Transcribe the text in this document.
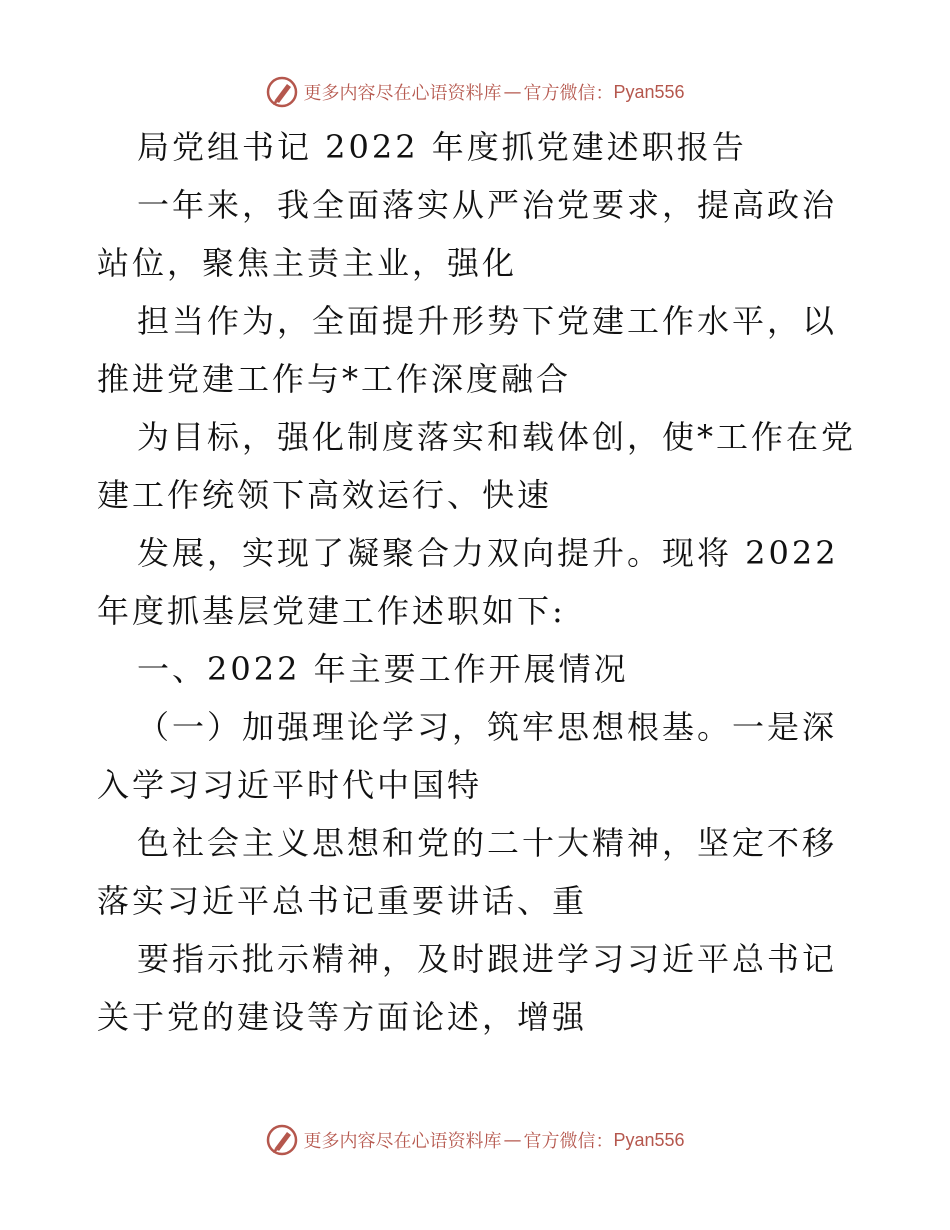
更多内容尽在心语资料库 — 官方微信： Pyan556

局党组书记 2022 年度抓党建述职报告

一年来，我全面落实从严治党要求，提高政治站位，聚焦主责主业，强化

担当作为，全面提升形势下党建工作水平，以推进党建工作与*工作深度融合

为目标，强化制度落实和载体创，使*工作在党建工作统领下高效运行、快速

发展，实现了凝聚合力双向提升。现将 2022 年度抓基层党建工作述职如下:

一、2022 年主要工作开展情况

（一）加强理论学习，筑牢思想根基。一是深入学习习近平时代中国特

色社会主义思想和党的二十大精神，坚定不移落实习近平总书记重要讲话、重

要指示批示精神，及时跟进学习习近平总书记关于党的建设等方面论述，增强

更多内容尽在心语资料库 — 官方微信： Pyan556
